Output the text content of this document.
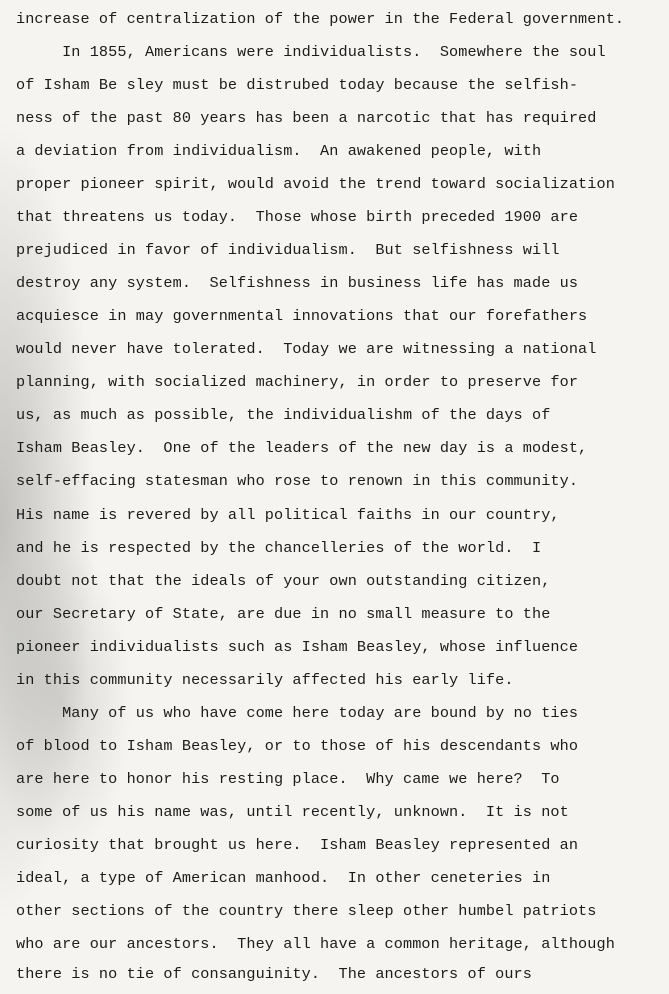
increase of centralization of the power in the Federal government.
In 1855, Americans were individualists.  Somewhere the soul
of Isham Be sley must be distrubed today because the selfish-
ness of the past 80 years has been a narcotic that has required
a deviation from individualism.  An awakened people, with
proper pioneer spirit, would avoid the trend toward socialization
that threatens us today.  Those whose birth preceded 1900 are
prejudiced in favor of individualism.  But selfishness will
destroy any system.  Selfishness in business life has made us
acquiesce in may governmental innovations that our forefathers
would never have tolerated.  Today we are witnessing a national
planning, with socialized machinery, in order to preserve for
us, as much as possible, the individualishm of the days of
Isham Beasley.  One of the leaders of the new day is a modest,
self-effacing statesman who rose to renown in this community.
His name is revered by all political faiths in our country,
and he is respected by the chancelleries of the world.  I
doubt not that the ideals of your own outstanding citizen,
our Secretary of State, are due in no small measure to the
pioneer individualists such as Isham Beasley, whose influence
in this community necessarily affected his early life.
Many of us who have come here today are bound by no ties
of blood to Isham Beasley, or to those of his descendants who
are here to honor his resting place.  Why came we here?  To
some of us his name was, until recently, unknown.  It is not
curiosity that brought us here.  Isham Beasley represented an
ideal, a type of American manhood.  In other ceneteries in
other sections of the country there sleep other humbel patriots
who are our ancestors.  They all have a common heritage, although
there is no tie of consanguinity.  The ancestors of ours
